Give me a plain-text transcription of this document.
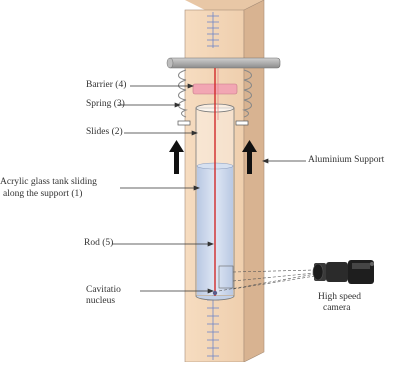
Barrier (4)
Spring (3)
Slides (2)
Acrylic glass tank sliding
along the support (1)
Rod (5)
Cavitatio
nucleus
Aluminium Support
High speed
camera
